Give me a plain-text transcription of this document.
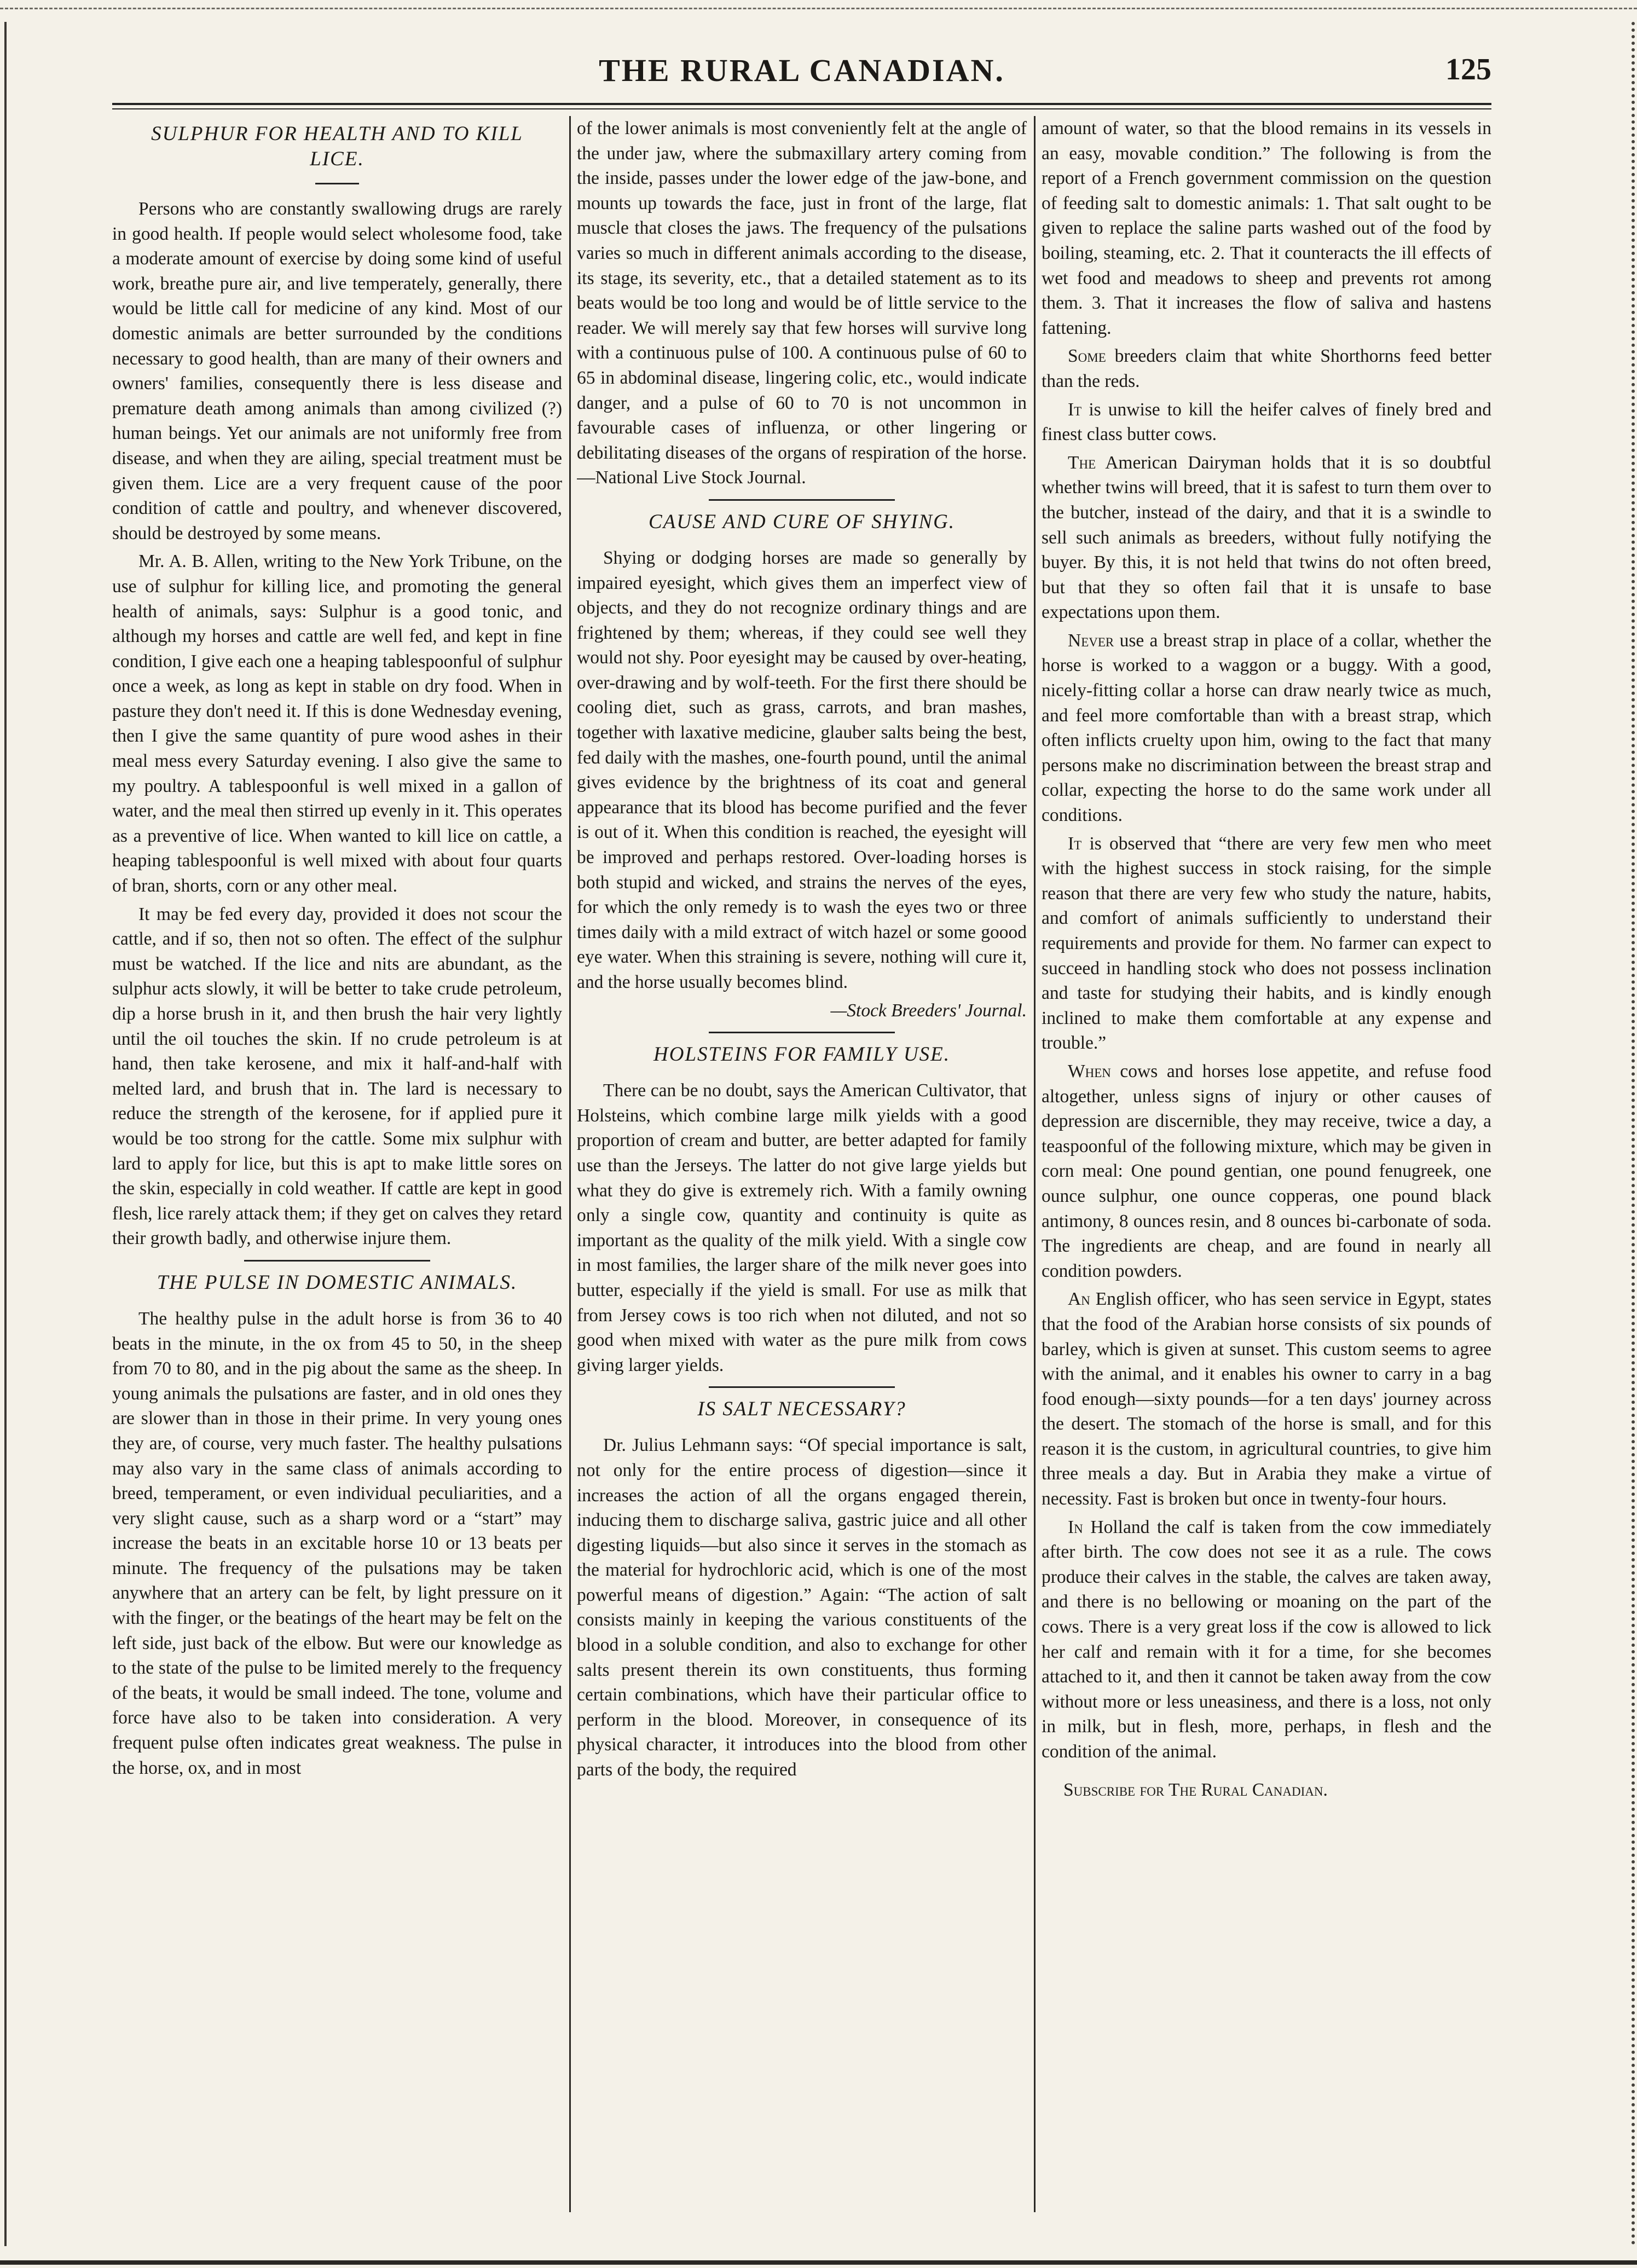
THE RURAL CANADIAN.	125
SULPHUR FOR HEALTH AND TO KILL LICE.

Persons who are constantly swallowing drugs are rarely in good health. If people would select wholesome food, take a moderate amount of exercise by doing some kind of useful work, breathe pure air, and live temperately, generally, there would be little call for medicine of any kind. Most of our domestic animals are better surrounded by the conditions necessary to good health, than are many of their owners and owners' families, consequently there is less disease and premature death among animals than among civilized (?) human beings. Yet our animals are not uniformly free from disease, and when they are ailing, special treatment must be given them. Lice are a very frequent cause of the poor condition of cattle and poultry, and whenever discovered, should be destroyed by some means.

Mr. A. B. Allen, writing to the New York Tribune, on the use of sulphur for killing lice, and promoting the general health of animals, says: Sulphur is a good tonic, and although my horses and cattle are well fed, and kept in fine condition, I give each one a heaping tablespoonful of sulphur once a week, as long as kept in stable on dry food. When in pasture they don't need it. If this is done Wednesday evening, then I give the same quantity of pure wood ashes in their meal mess every Saturday evening. I also give the same to my poultry. A tablespoonful is well mixed in a gallon of water, and the meal then stirred up evenly in it. This operates as a preventive of lice. When wanted to kill lice on cattle, a heaping tablespoonful is well mixed with about four quarts of bran, shorts, corn or any other meal.

It may be fed every day, provided it does not scour the cattle, and if so, then not so often. The effect of the sulphur must be watched. If the lice and nits are abundant, as the sulphur acts slowly, it will be better to take crude petroleum, dip a horse brush in it, and then brush the hair very lightly until the oil touches the skin. If no crude petroleum is at hand, then take kerosene, and mix it half-and-half with melted lard, and brush that in. The lard is necessary to reduce the strength of the kerosene, for if applied pure it would be too strong for the cattle. Some mix sulphur with lard to apply for lice, but this is apt to make little sores on the skin, especially in cold weather. If cattle are kept in good flesh, lice rarely attack them; if they get on calves they retard their growth badly, and otherwise injure them.

THE PULSE IN DOMESTIC ANIMALS.

The healthy pulse in the adult horse is from 36 to 40 beats in the minute, in the ox from 45 to 50, in the sheep from 70 to 80, and in the pig about the same as the sheep. In young animals the pulsations are faster, and in old ones they are slower than in those in their prime. In very young ones they are, of course, very much faster. The healthy pulsations may also vary in the same class of animals according to breed, temperament, or even individual peculiarities, and a very slight cause, such as a sharp word or a “start” may increase the beats in an excitable horse 10 or 13 beats per minute. The frequency of the pulsations may be taken anywhere that an artery can be felt, by light pressure on it with the finger, or the beatings of the heart may be felt on the left side, just back of the elbow. But were our knowledge as to the state of the pulse to be limited merely to the frequency of the beats, it would be small indeed. The tone, volume and force have also to be taken into consideration. A very frequent pulse often indicates great weakness. The pulse in the horse, ox, and in most

of the lower animals is most conveniently felt at the angle of the under jaw, where the submaxillary artery coming from the inside, passes under the lower edge of the jaw-bone, and mounts up towards the face, just in front of the large, flat muscle that closes the jaws. The frequency of the pulsations varies so much in different animals according to the disease, its stage, its severity, etc., that a detailed statement as to its beats would be too long and would be of little service to the reader. We will merely say that few horses will survive long with a continuous pulse of 100. A continuous pulse of 60 to 65 in abdominal disease, lingering colic, etc., would indicate danger, and a pulse of 60 to 70 is not uncommon in favourable cases of influenza, or other lingering or debilitating diseases of the organs of respiration of the horse.—National Live Stock Journal.

CAUSE AND CURE OF SHYING.

Shying or dodging horses are made so generally by impaired eyesight, which gives them an imperfect view of objects, and they do not recognize ordinary things and are frightened by them; whereas, if they could see well they would not shy. Poor eyesight may be caused by over-heating, over-drawing and by wolf-teeth. For the first there should be cooling diet, such as grass, carrots, and bran mashes, together with laxative medicine, glauber salts being the best, fed daily with the mashes, one-fourth pound, until the animal gives evidence by the brightness of its coat and general appearance that its blood has become purified and the fever is out of it. When this condition is reached, the eyesight will be improved and perhaps restored. Over-loading horses is both stupid and wicked, and strains the nerves of the eyes, for which the only remedy is to wash the eyes two or three times daily with a mild extract of witch hazel or some goood eye water. When this straining is severe, nothing will cure it, and the horse usually becomes blind.

—Stock Breeders' Journal.

HOLSTEINS FOR FAMILY USE.

There can be no doubt, says the American Cultivator, that Holsteins, which combine large milk yields with a good proportion of cream and butter, are better adapted for family use than the Jerseys. The latter do not give large yields but what they do give is extremely rich. With a family owning only a single cow, quantity and continuity is quite as important as the quality of the milk yield. With a single cow in most families, the larger share of the milk never goes into butter, especially if the yield is small. For use as milk that from Jersey cows is too rich when not diluted, and not so good when mixed with water as the pure milk from cows giving larger yields.

IS SALT NECESSARY?

Dr. Julius Lehmann says: “Of special importance is salt, not only for the entire process of digestion—since it increases the action of all the organs engaged therein, inducing them to discharge saliva, gastric juice and all other digesting liquids—but also since it serves in the stomach as the material for hydrochloric acid, which is one of the most powerful means of digestion.” Again: “The action of salt consists mainly in keeping the various constituents of the blood in a soluble condition, and also to exchange for other salts present therein its own constituents, thus forming certain combinations, which have their particular office to perform in the blood. Moreover, in consequence of its physical character, it introduces into the blood from other parts of the body, the required

amount of water, so that the blood remains in its vessels in an easy, movable condition.” The following is from the report of a French government commission on the question of feeding salt to domestic animals: 1. That salt ought to be given to replace the saline parts washed out of the food by boiling, steaming, etc. 2. That it counteracts the ill effects of wet food and meadows to sheep and prevents rot among them. 3. That it increases the flow of saliva and hastens fattening.

Some breeders claim that white Shorthorns feed better than the reds.

It is unwise to kill the heifer calves of finely bred and finest class butter cows.

The American Dairyman holds that it is so doubtful whether twins will breed, that it is safest to turn them over to the butcher, instead of the dairy, and that it is a swindle to sell such animals as breeders, without fully notifying the buyer. By this, it is not held that twins do not often breed, but that they so often fail that it is unsafe to base expectations upon them.

Never use a breast strap in place of a collar, whether the horse is worked to a waggon or a buggy. With a good, nicely-fitting collar a horse can draw nearly twice as much, and feel more comfortable than with a breast strap, which often inflicts cruelty upon him, owing to the fact that many persons make no discrimination between the breast strap and collar, expecting the horse to do the same work under all conditions.

It is observed that “there are very few men who meet with the highest success in stock raising, for the simple reason that there are very few who study the nature, habits, and comfort of animals sufficiently to understand their requirements and provide for them. No farmer can expect to succeed in handling stock who does not possess inclination and taste for studying their habits, and is kindly enough inclined to make them comfortable at any expense and trouble.”

When cows and horses lose appetite, and refuse food altogether, unless signs of injury or other causes of depression are discernible, they may receive, twice a day, a teaspoonful of the following mixture, which may be given in corn meal: One pound gentian, one pound fenugreek, one ounce sulphur, one ounce copperas, one pound black antimony, 8 ounces resin, and 8 ounces bi-carbonate of soda. The ingredients are cheap, and are found in nearly all condition powders.

An English officer, who has seen service in Egypt, states that the food of the Arabian horse consists of six pounds of barley, which is given at sunset. This custom seems to agree with the animal, and it enables his owner to carry in a bag food enough—sixty pounds—for a ten days' journey across the desert. The stomach of the horse is small, and for this reason it is the custom, in agricultural countries, to give him three meals a day. But in Arabia they make a virtue of necessity. Fast is broken but once in twenty-four hours.

In Holland the calf is taken from the cow immediately after birth. The cow does not see it as a rule. The cows produce their calves in the stable, the calves are taken away, and there is no bellowing or moaning on the part of the cows. There is a very great loss if the cow is allowed to lick her calf and remain with it for a time, for she becomes attached to it, and then it cannot be taken away from the cow without more or less uneasiness, and there is a loss, not only in milk, but in flesh, more, perhaps, in flesh and the condition of the animal.

Subscribe for The Rural Canadian.
